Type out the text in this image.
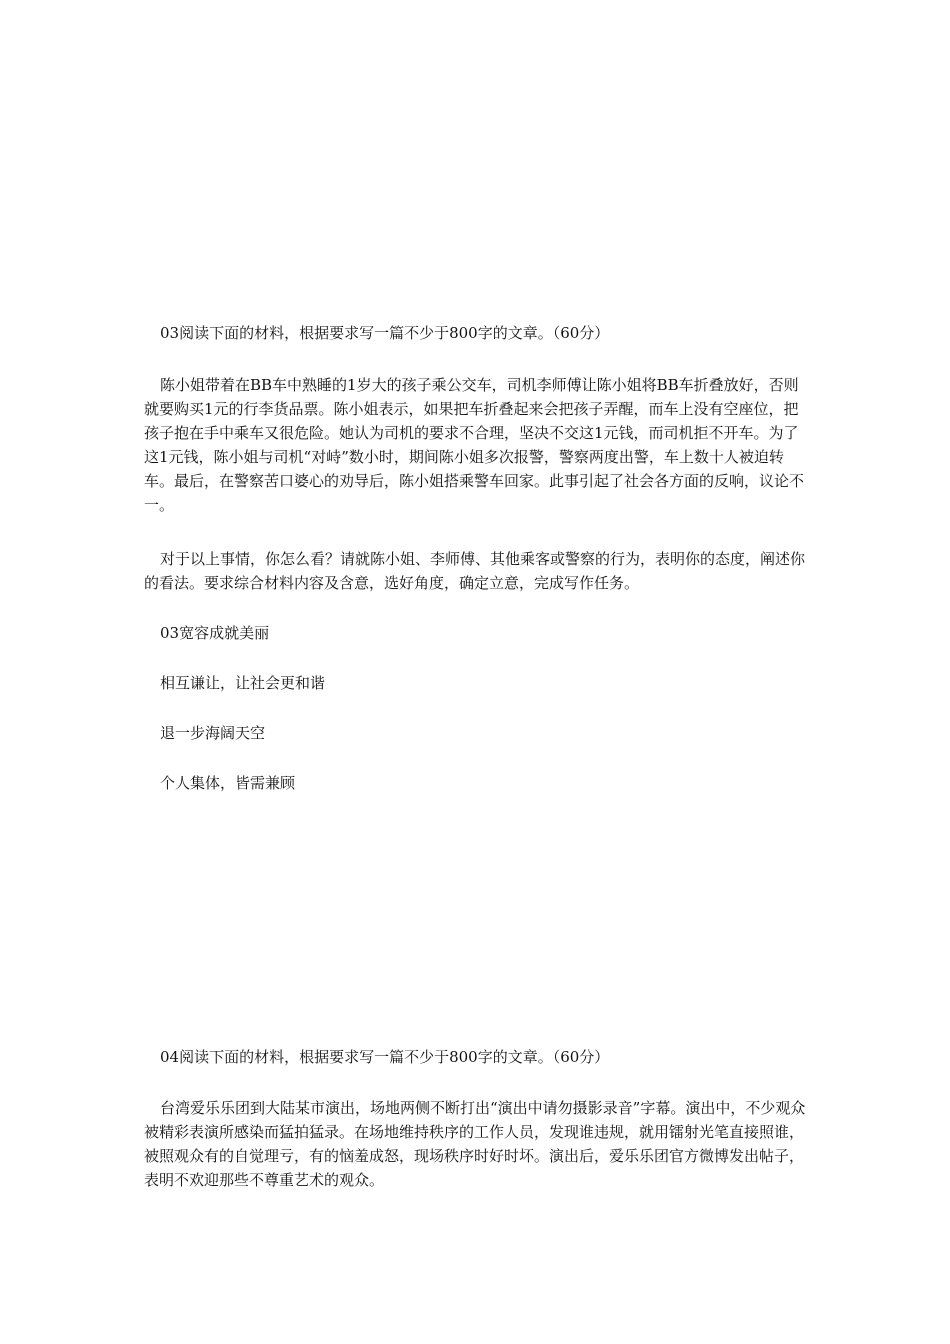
03阅读下面的材料，根据要求写一篇不少于800字的文章。（60分）

陈小姐带着在BB车中熟睡的1岁大的孩子乘公交车，司机李师傅让陈小姐将BB车折叠放好，否则就要购买1元的行李货品票。陈小姐表示，如果把车折叠起来会把孩子弄醒，而车上没有空座位，把孩子抱在手中乘车又很危险。她认为司机的要求不合理，坚决不交这1元钱，而司机拒不开车。为了这1元钱，陈小姐与司机“对峙”数小时，期间陈小姐多次报警，警察两度出警，车上数十人被迫转车。最后，在警察苦口婆心的劝导后，陈小姐搭乘警车回家。此事引起了社会各方面的反响，议论不一。

对于以上事情，你怎么看？请就陈小姐、李师傅、其他乘客或警察的行为，表明你的态度，阐述你的看法。要求综合材料内容及含意，选好角度，确定立意，完成写作任务。

03宽容成就美丽

相互谦让，让社会更和谐

退一步海阔天空

个人集体，皆需兼顾

04阅读下面的材料，根据要求写一篇不少于800字的文章。（60分）

台湾爱乐乐团到大陆某市演出，场地两侧不断打出“演出中请勿摄影录音”字幕。演出中，不少观众被精彩表演所感染而猛拍猛录。在场地维持秩序的工作人员，发现谁违规，就用镭射光笔直接照谁，被照观众有的自觉理亏，有的恼羞成怒，现场秩序时好时坏。演出后，爱乐乐团官方微博发出帖子，表明不欢迎那些不尊重艺术的观众。
